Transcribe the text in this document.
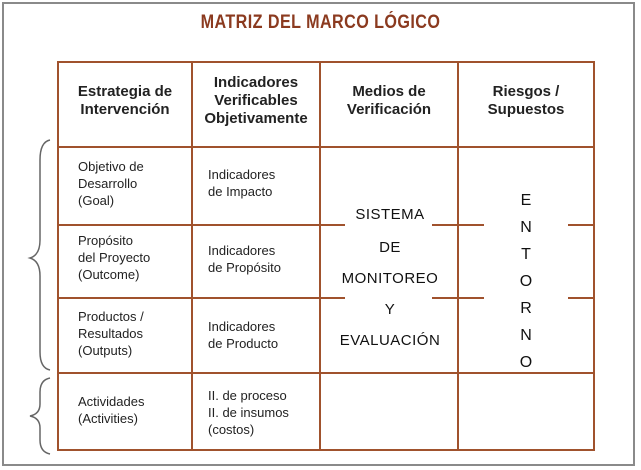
MATRIZ DEL MARCO LÓGICO
Estrategia de
Intervención
Indicadores
Verificables
Objetivamente
Medios de
Verificación
Riesgos /
Supuestos
Objetivo de
Desarrollo
(Goal)
Indicadores
de Impacto
Propósito
del Proyecto
(Outcome)
Indicadores
de Propósito
Productos /
Resultados
(Outputs)
Indicadores
de Producto
Actividades
(Activities)
II. de proceso
II. de insumos
(costos)
SISTEMA
DE
MONITOREO
Y
EVALUACIÓN
E
N
T
O
R
N
O
